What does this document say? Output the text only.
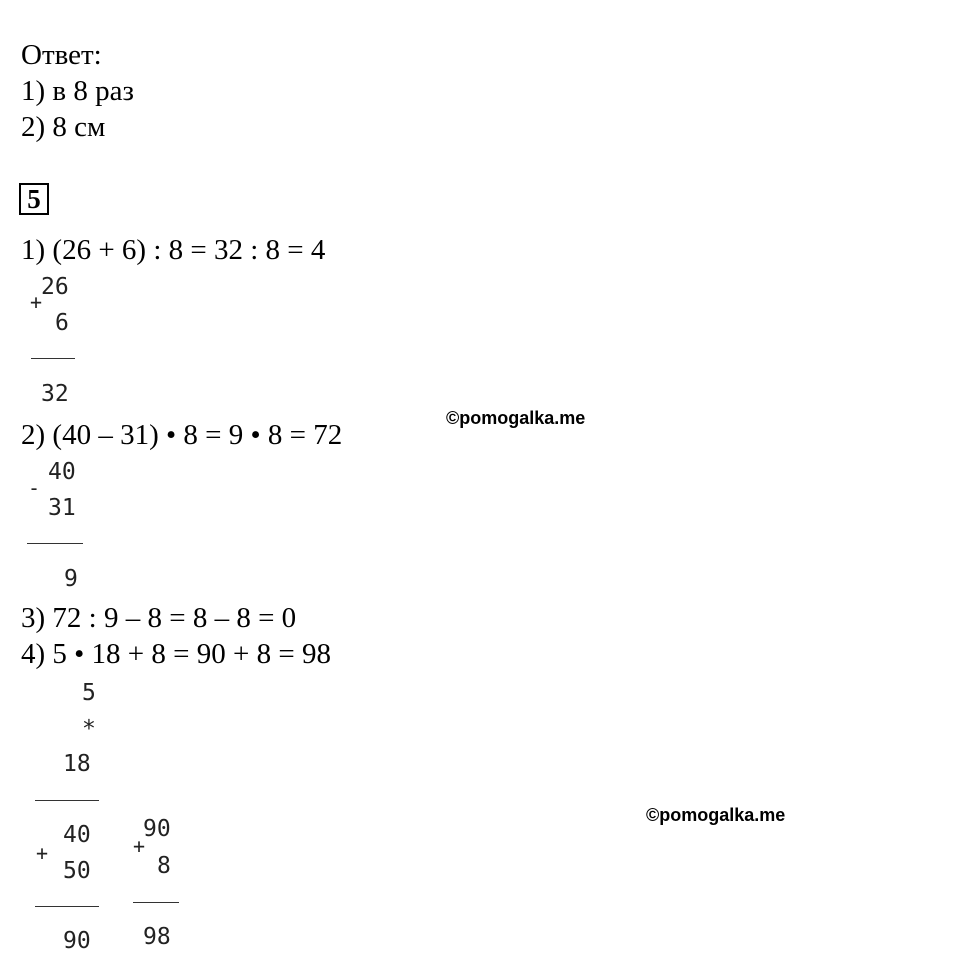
Ответ:
1) в 8 раз
2) 8 см
5
1) (26 + 6) : 8 = 32 : 8 = 4
26
+
6
32
©pomogalka.me
2) (40 – 31) • 8 = 9 • 8 = 72
40
-
31
9
3) 72 : 9 – 8 = 8 – 8 = 0
4) 5 • 18 + 8 = 90 + 8 = 98
5
*
18
40
+
50
90
90
+
8
98
©pomogalka.me
